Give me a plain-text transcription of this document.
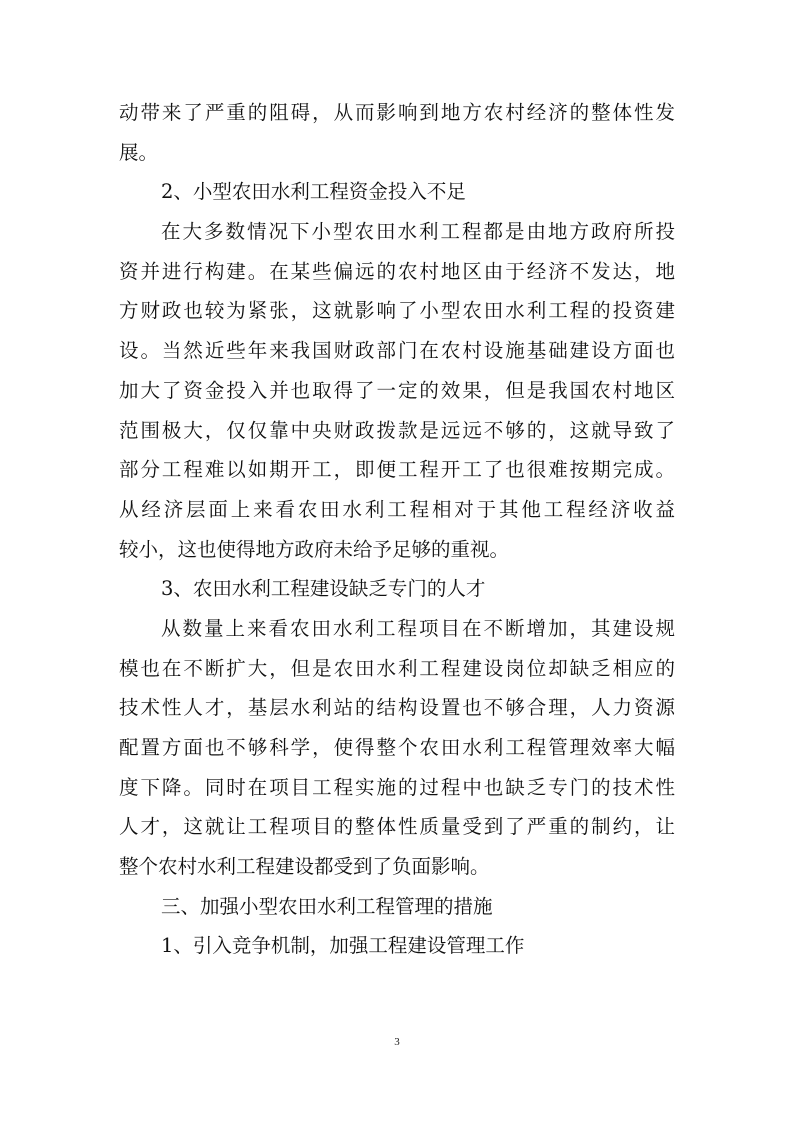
动带来了严重的阻碍，从而影响到地方农村经济的整体性发
展。
2、小型农田水利工程资金投入不足
在大多数情况下小型农田水利工程都是由地方政府所投
资并进行构建。在某些偏远的农村地区由于经济不发达，地
方财政也较为紧张，这就影响了小型农田水利工程的投资建
设。当然近些年来我国财政部门在农村设施基础建设方面也
加大了资金投入并也取得了一定的效果，但是我国农村地区
范围极大，仅仅靠中央财政拨款是远远不够的，这就导致了
部分工程难以如期开工，即便工程开工了也很难按期完成。
从经济层面上来看农田水利工程相对于其他工程经济收益
较小，这也使得地方政府未给予足够的重视。
3、农田水利工程建设缺乏专门的人才
从数量上来看农田水利工程项目在不断增加，其建设规
模也在不断扩大，但是农田水利工程建设岗位却缺乏相应的
技术性人才，基层水利站的结构设置也不够合理，人力资源
配置方面也不够科学，使得整个农田水利工程管理效率大幅
度下降。同时在项目工程实施的过程中也缺乏专门的技术性
人才，这就让工程项目的整体性质量受到了严重的制约，让
整个农村水利工程建设都受到了负面影响。
三、加强小型农田水利工程管理的措施
1、引入竞争机制，加强工程建设管理工作
3
